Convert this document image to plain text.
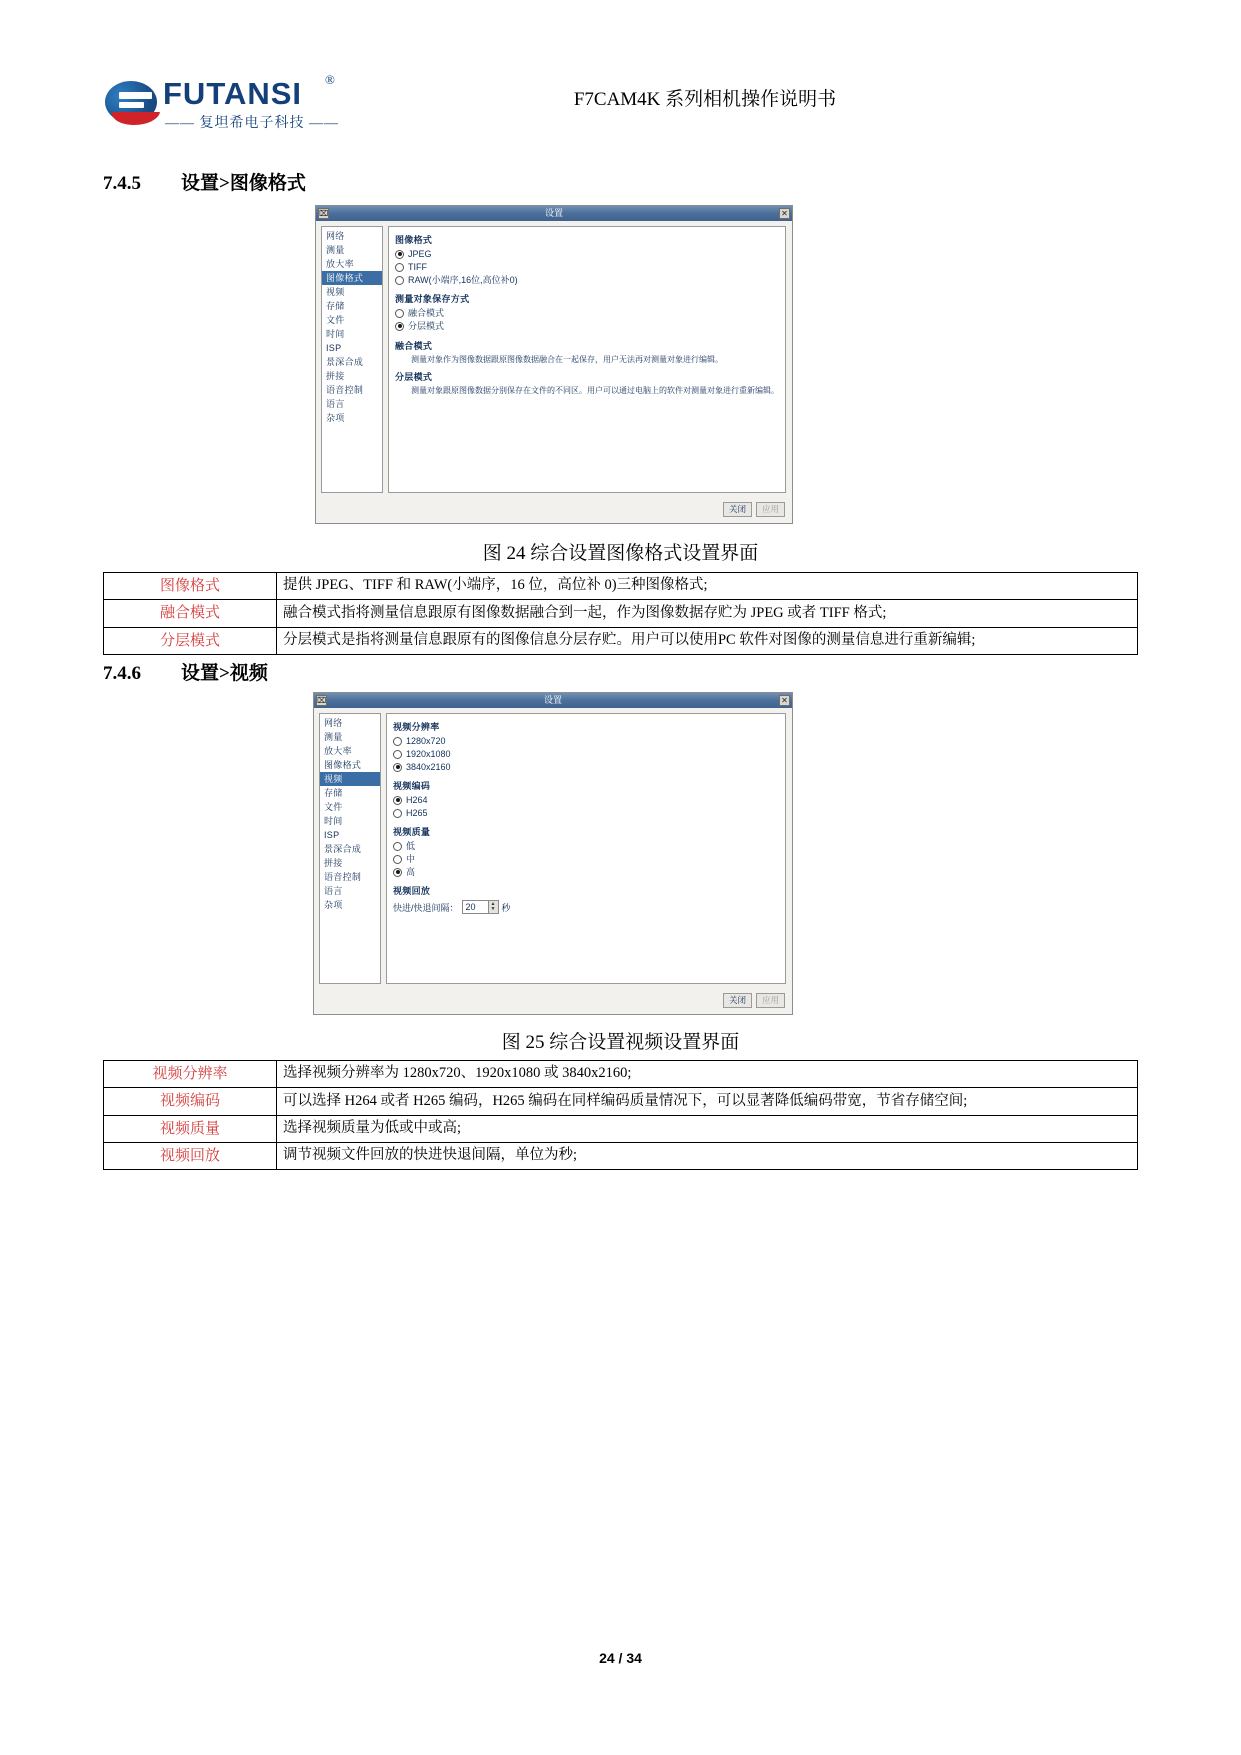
FUTANSI ®
—— 复坦希电子科技 ——
F7CAM4K 系列相机操作说明书
7.4.5 设置>图像格式
设置
⌧	✕
网络
测量
放大率
图像格式
视频
存储
文件
时间
ISP
景深合成
拼接
语音控制
语言
杂项
图像格式
JPEG
TIFF
RAW(小端序,16位,高位补0)
测量对象保存方式
融合模式
分层模式
融合模式
测量对象作为图像数据跟原图像数据融合在一起保存，用户无法再对测量对象进行编辑。
分层模式
测量对象跟原图像数据分别保存在文件的不同区。用户可以通过电脑上的软件对测量对象进行重新编辑。
关闭	应用
图 24 综合设置图像格式设置界面
图像格式	提供 JPEG、TIFF 和 RAW(小端序，16 位，高位补 0)三种图像格式;
融合模式	融合模式指将测量信息跟原有图像数据融合到一起，作为图像数据存贮为 JPEG 或者 TIFF 格式;
分层模式	分层模式是指将测量信息跟原有的图像信息分层存贮。用户可以使用PC 软件对图像的测量信息进行重新编辑;
7.4.6 设置>视频
设置
⌧	✕
网络
测量
放大率
图像格式
视频
存储
文件
时间
ISP
景深合成
拼接
语音控制
语言
杂项
视频分辨率
1280x720
1920x1080
3840x2160
视频编码
H264
H265
视频质量
低
中
高
视频回放
快进/快退间隔： 20	▲
▼ 秒
关闭	应用
图 25 综合设置视频设置界面
视频分辨率	选择视频分辨率为 1280x720、1920x1080 或 3840x2160;
视频编码	可以选择 H264 或者 H265 编码，H265 编码在同样编码质量情况下，可以显著降低编码带宽，节省存储空间;
视频质量	选择视频质量为低或中或高;
视频回放	调节视频文件回放的快进快退间隔，单位为秒;
24 / 34
